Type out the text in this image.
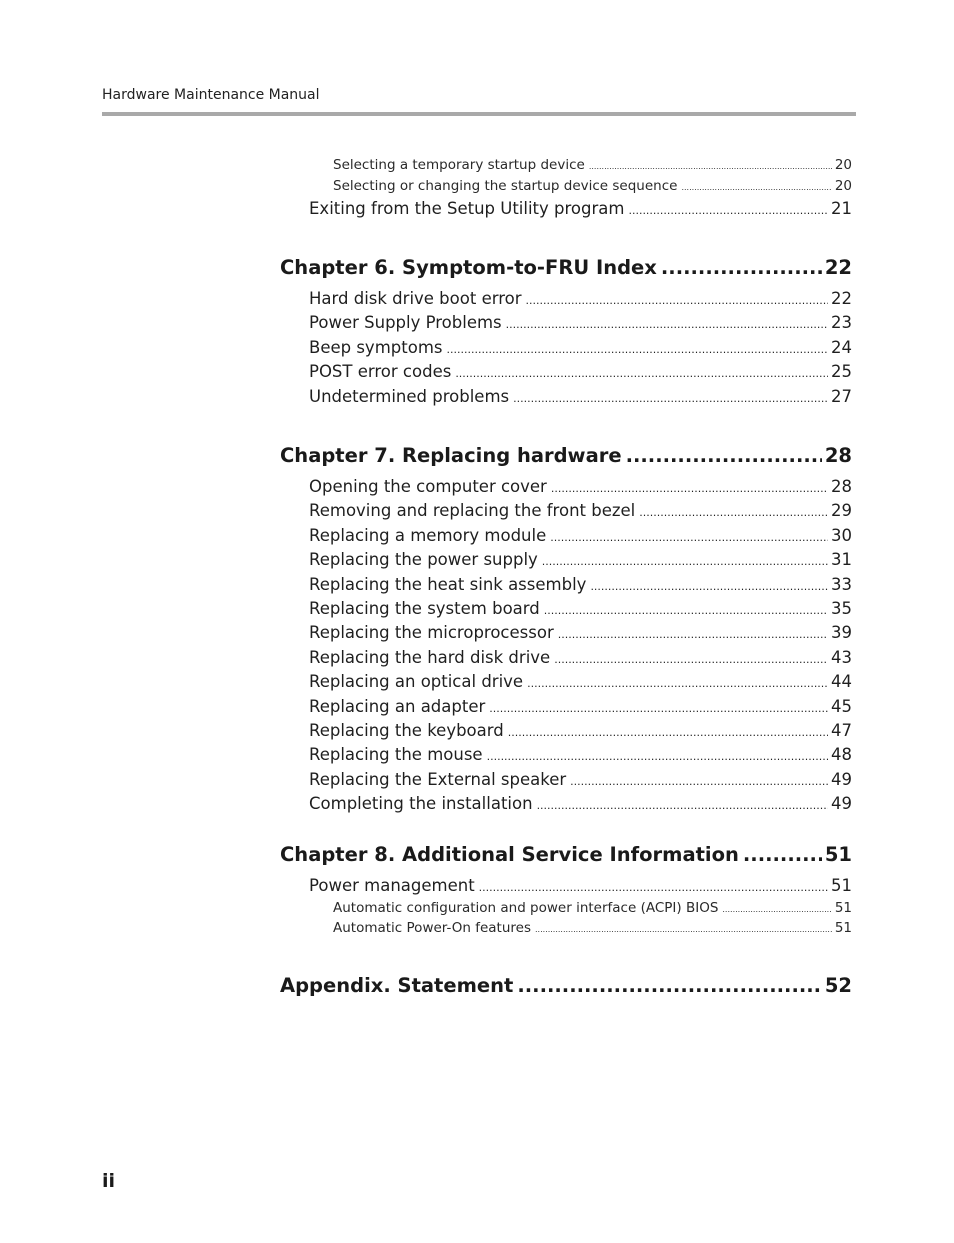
Hardware Maintenance Manual
Selecting a temporary startup device .....	20
Selecting or changing the startup device sequence .....	20
Exiting from the Setup Utility program .....	21
Chapter 6. Symptom-to-FRU Index .....	22
Hard disk drive boot error .....	22
Power Supply Problems .....	23
Beep symptoms .....	24
POST error codes .....	25
Undetermined problems .....	27
Chapter 7. Replacing hardware .....	28
Opening the computer cover .....	28
Removing and replacing the front bezel .....	29
Replacing a memory module .....	30
Replacing the power supply .....	31
Replacing the heat sink assembly .....	33
Replacing the system board .....	35
Replacing the microprocessor .....	39
Replacing the hard disk drive .....	43
Replacing an optical drive .....	44
Replacing an adapter .....	45
Replacing the keyboard .....	47
Replacing the mouse .....	48
Replacing the External speaker .....	49
Completing the installation .....	49
Chapter 8. Additional Service Information .....	51
Power management .....	51
Automatic configuration and power interface (ACPI) BIOS .....	51
Automatic Power-On features .....	51
Appendix. Statement .....	52
ii
